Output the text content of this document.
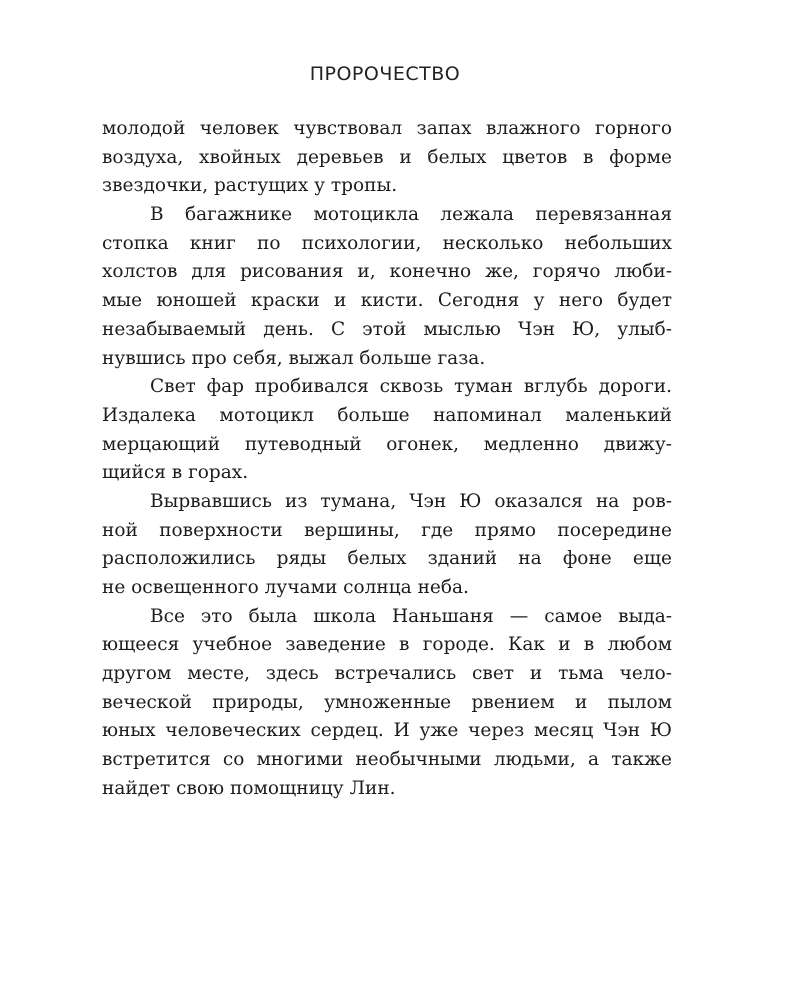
ПРОРОЧЕСТВО
молодой человек чувствовал запах влажного горного
воздуха, хвойных деревьев и белых цветов в форме
звездочки, растущих у тропы.
В багажнике мотоцикла лежала перевязанная
стопка книг по психологии, несколько небольших
холстов для рисования и, конечно же, горячо люби-
мые юношей краски и кисти. Сегодня у него будет
незабываемый день. С этой мыслью Чэн Ю, улыб-
нувшись про себя, выжал больше газа.
Свет фар пробивался сквозь туман вглубь дороги.
Издалека мотоцикл больше напоминал маленький
мерцающий путеводный огонек, медленно движу-
щийся в горах.
Вырвавшись из тумана, Чэн Ю оказался на ров-
ной поверхности вершины, где прямо посередине
расположились ряды белых зданий на фоне еще
не освещенного лучами солнца неба.
Все это была школа Наньшаня — самое выда-
ющееся учебное заведение в городе. Как и в любом
другом месте, здесь встречались свет и тьма чело-
веческой природы, умноженные рвением и пылом
юных человеческих сердец. И уже через месяц Чэн Ю
встретится со многими необычными людьми, а также
найдет свою помощницу Лин.
